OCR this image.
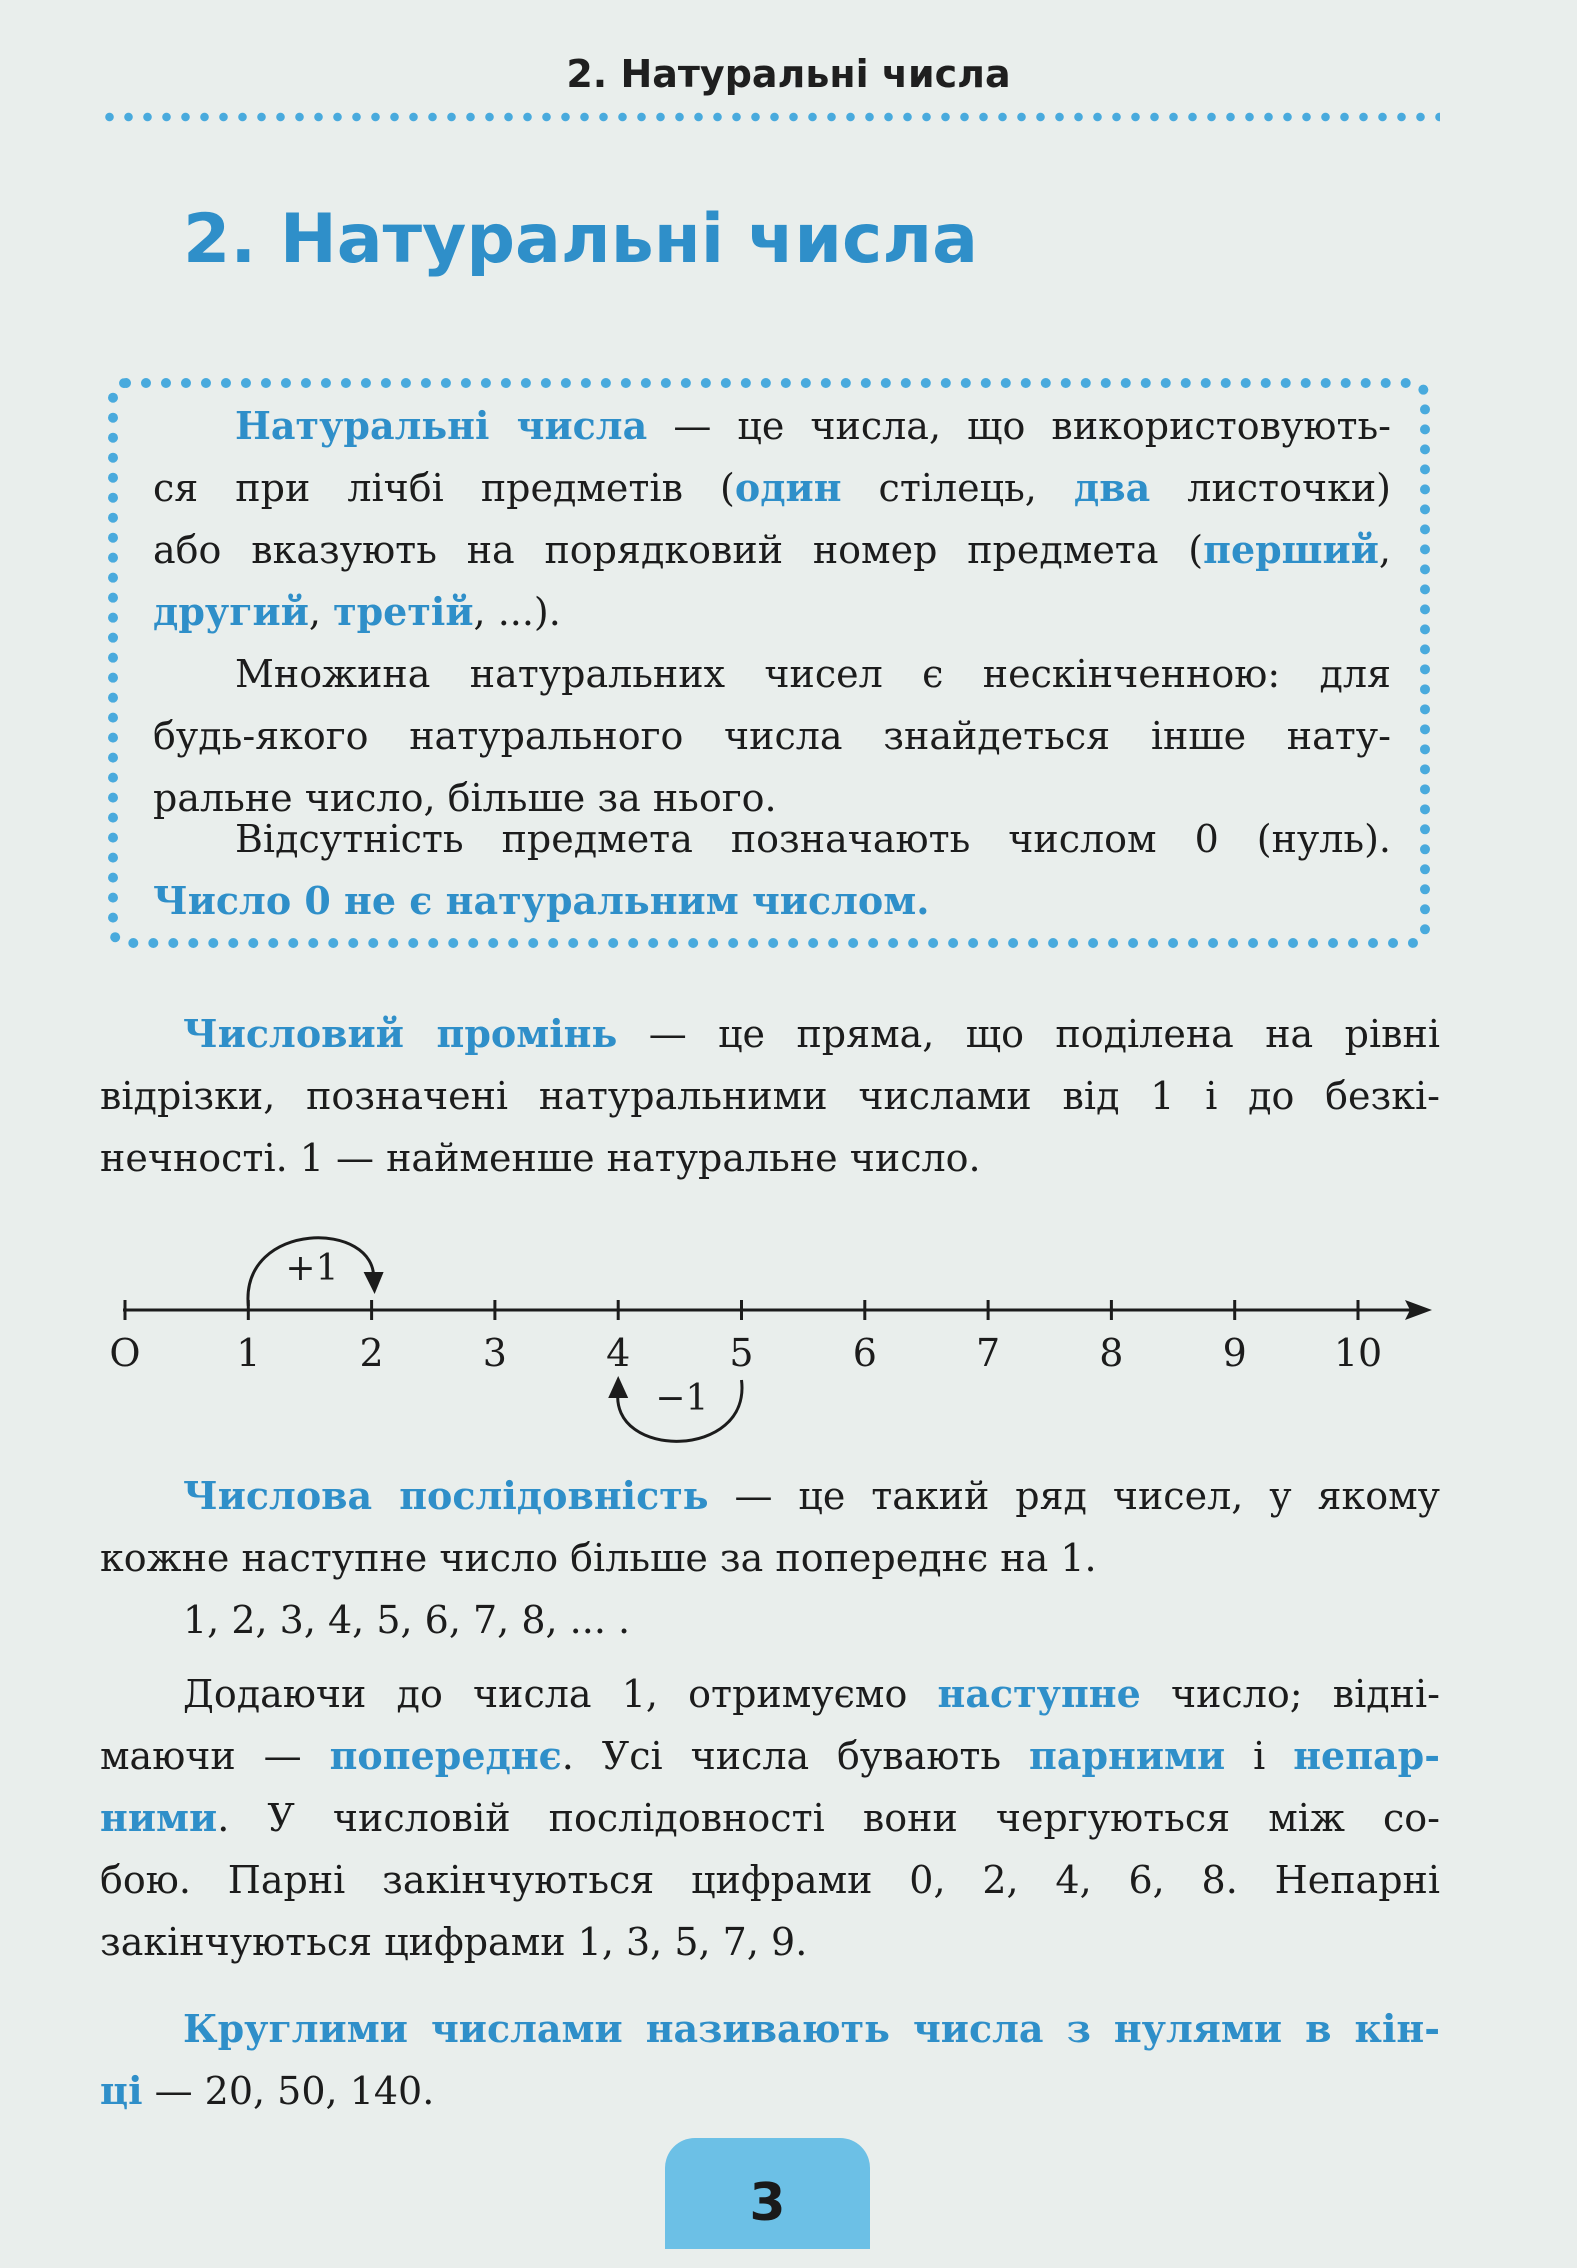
2. Натуральні числа
2. Натуральні числа
Натуральні числа — це числа, що використовують-
ся при лічбі предметів (один стілець, два листочки)
або вказують на порядковий номер предмета (перший,
другий, третій, ...).
Множина натуральних чисел є нескінченною: для
будь-якого натурального числа знайдеться інше нату-
ральне число, більше за нього.
Відсутність предмета позначають числом 0 (нуль).
Число 0 не є натуральним числом.
Числовий промінь — це пряма, що поділена на рівні
відрізки, позначені натуральними числами від 1 і до безкі-
нечності. 1 — найменше натуральне число.
O	1	2	3	4	5	6	7	8	9 10
+1
−1
Числова послідовність — це такий ряд чисел, у якому
кожне наступне число більше за попереднє на 1.
1, 2, 3, 4, 5, 6, 7, 8, ... .
Додаючи до числа 1, отримуємо наступне число; відні-
маючи — попереднє. Усі числа бувають парними і непар-
ними. У числовій послідовності вони чергуються між со-
бою. Парні закінчуються цифрами 0, 2, 4, 6, 8. Непарні
закінчуються цифрами 1, 3, 5, 7, 9.
Круглими числами називають числа з нулями в кін-
ці — 20, 50, 140.
3
